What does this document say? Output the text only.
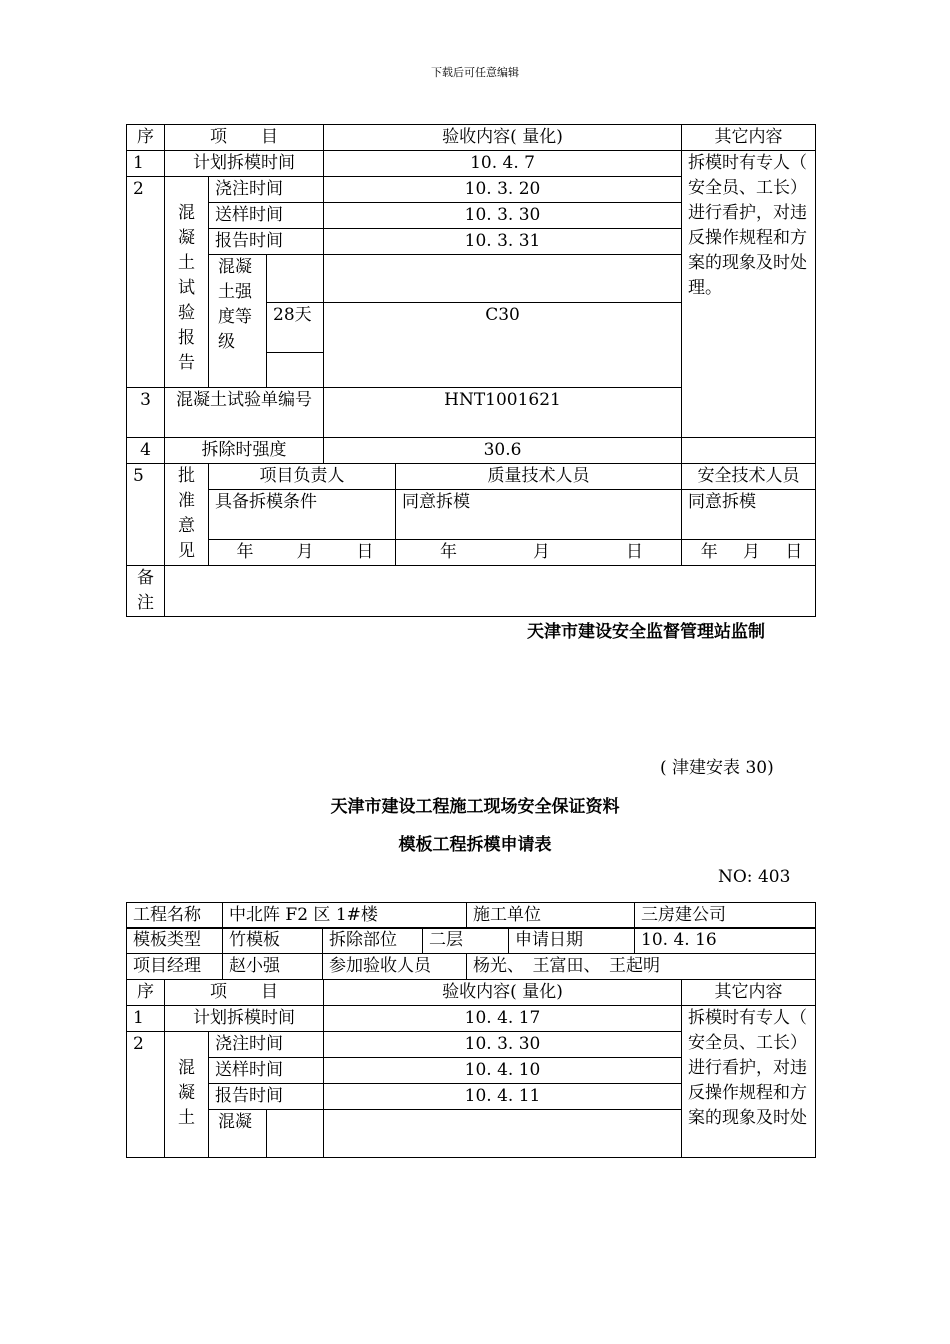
下载后可任意编辑
序	项　　目			验收内容( 量化)		其它内容
1	计划拆模时间			10. 4. 7		拆模时有专人（ 安全员、工长）进行看护，对违反操作规程和方案的现象及时处理。
2	混凝土试验报告	浇注时间		10. 3. 20		
		送样时间		10. 3. 30		
		报告时间		10. 3. 31		
		混凝土强度等级				
			28天	C30		

3	混凝土试验单编号			HNT1001621		
4	拆除时强度			30.6		
5	批准意见	项目负责人			质量技术人员	安全技术人员
		具备拆模条件			同意拆模	同意拆模

		年 月 日			年 月 日	年 月 日

备注						
天津市建设安全监督管理站监制
( 津建安表 30)
天津市建设工程施工现场安全保证资料
模板工程拆模申请表
NO: 403
工程名称	中北阵 F2 区 1#楼	施工单位	三房建公司
模板类型	竹模板	拆除部位	二层	申请日期	10. 4. 16
项目经理	赵小强	参加验收人员	杨光、　王富田、　王起明
序	项　　目			验收内容( 量化)	其它内容
1	计划拆模时间			10. 4. 17	拆模时有专人（ 安全员、工长）进行看护，对违反操作规程和方案的现象及时处
2	混凝土	浇注时间		10. 3. 30	
		送样时间		10. 4. 10	
		报告时间		10. 4. 11	
		混凝			
